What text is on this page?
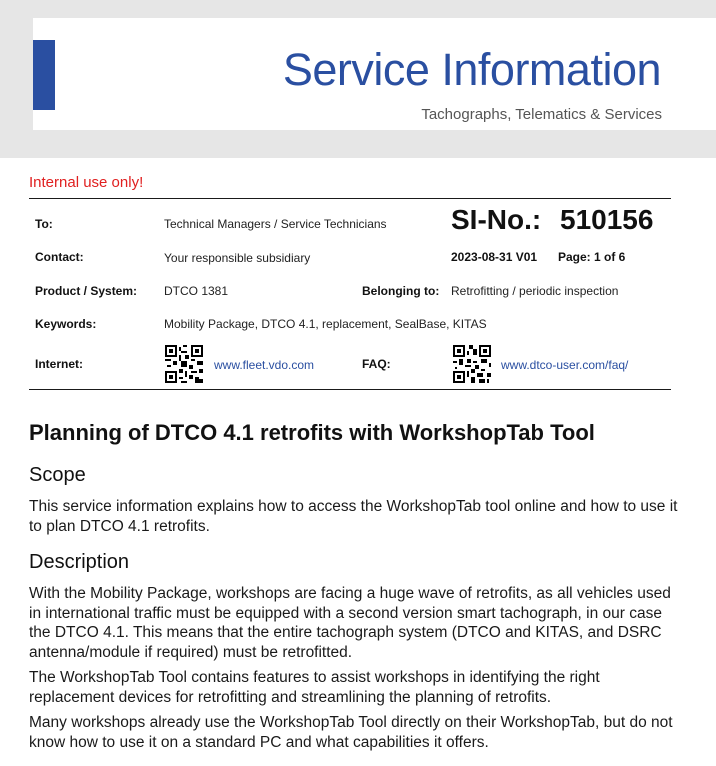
Service Information
Tachographs, Telematics & Services
Internal use only!
To:	Technical Managers / Service Technicians SI-No.: 510156
Contact:	Your responsible subsidiary	2023-08-31 V01 Page: 1 of 6
Product / System: DTCO 1381	Belonging to: Retrofitting / periodic inspection
Keywords:	Mobility Package, DTCO 4.1, replacement, SealBase, KITAS
Internet:	www.fleet.vdo.com	FAQ:	www.dtco-user.com/faq/
Planning of DTCO 4.1 retrofits with WorkshopTab Tool
Scope

This service information explains how to access the WorkshopTab tool online and how to use it to plan DTCO 4.1 retrofits.

Description

With the Mobility Package, workshops are facing a huge wave of retrofits, as all vehicles used in international traffic must be equipped with a second version smart tachograph, in our case the DTCO 4.1. This means that the entire tachograph system (DTCO and KITAS, and DSRC antenna/module if required) must be retrofitted.

The WorkshopTab Tool contains features to assist workshops in identifying the right replacement devices for retrofitting and streamlining the planning of retrofits.

Many workshops already use the WorkshopTab Tool directly on their WorkshopTab, but do not know how to use it on a standard PC and what capabilities it offers.
